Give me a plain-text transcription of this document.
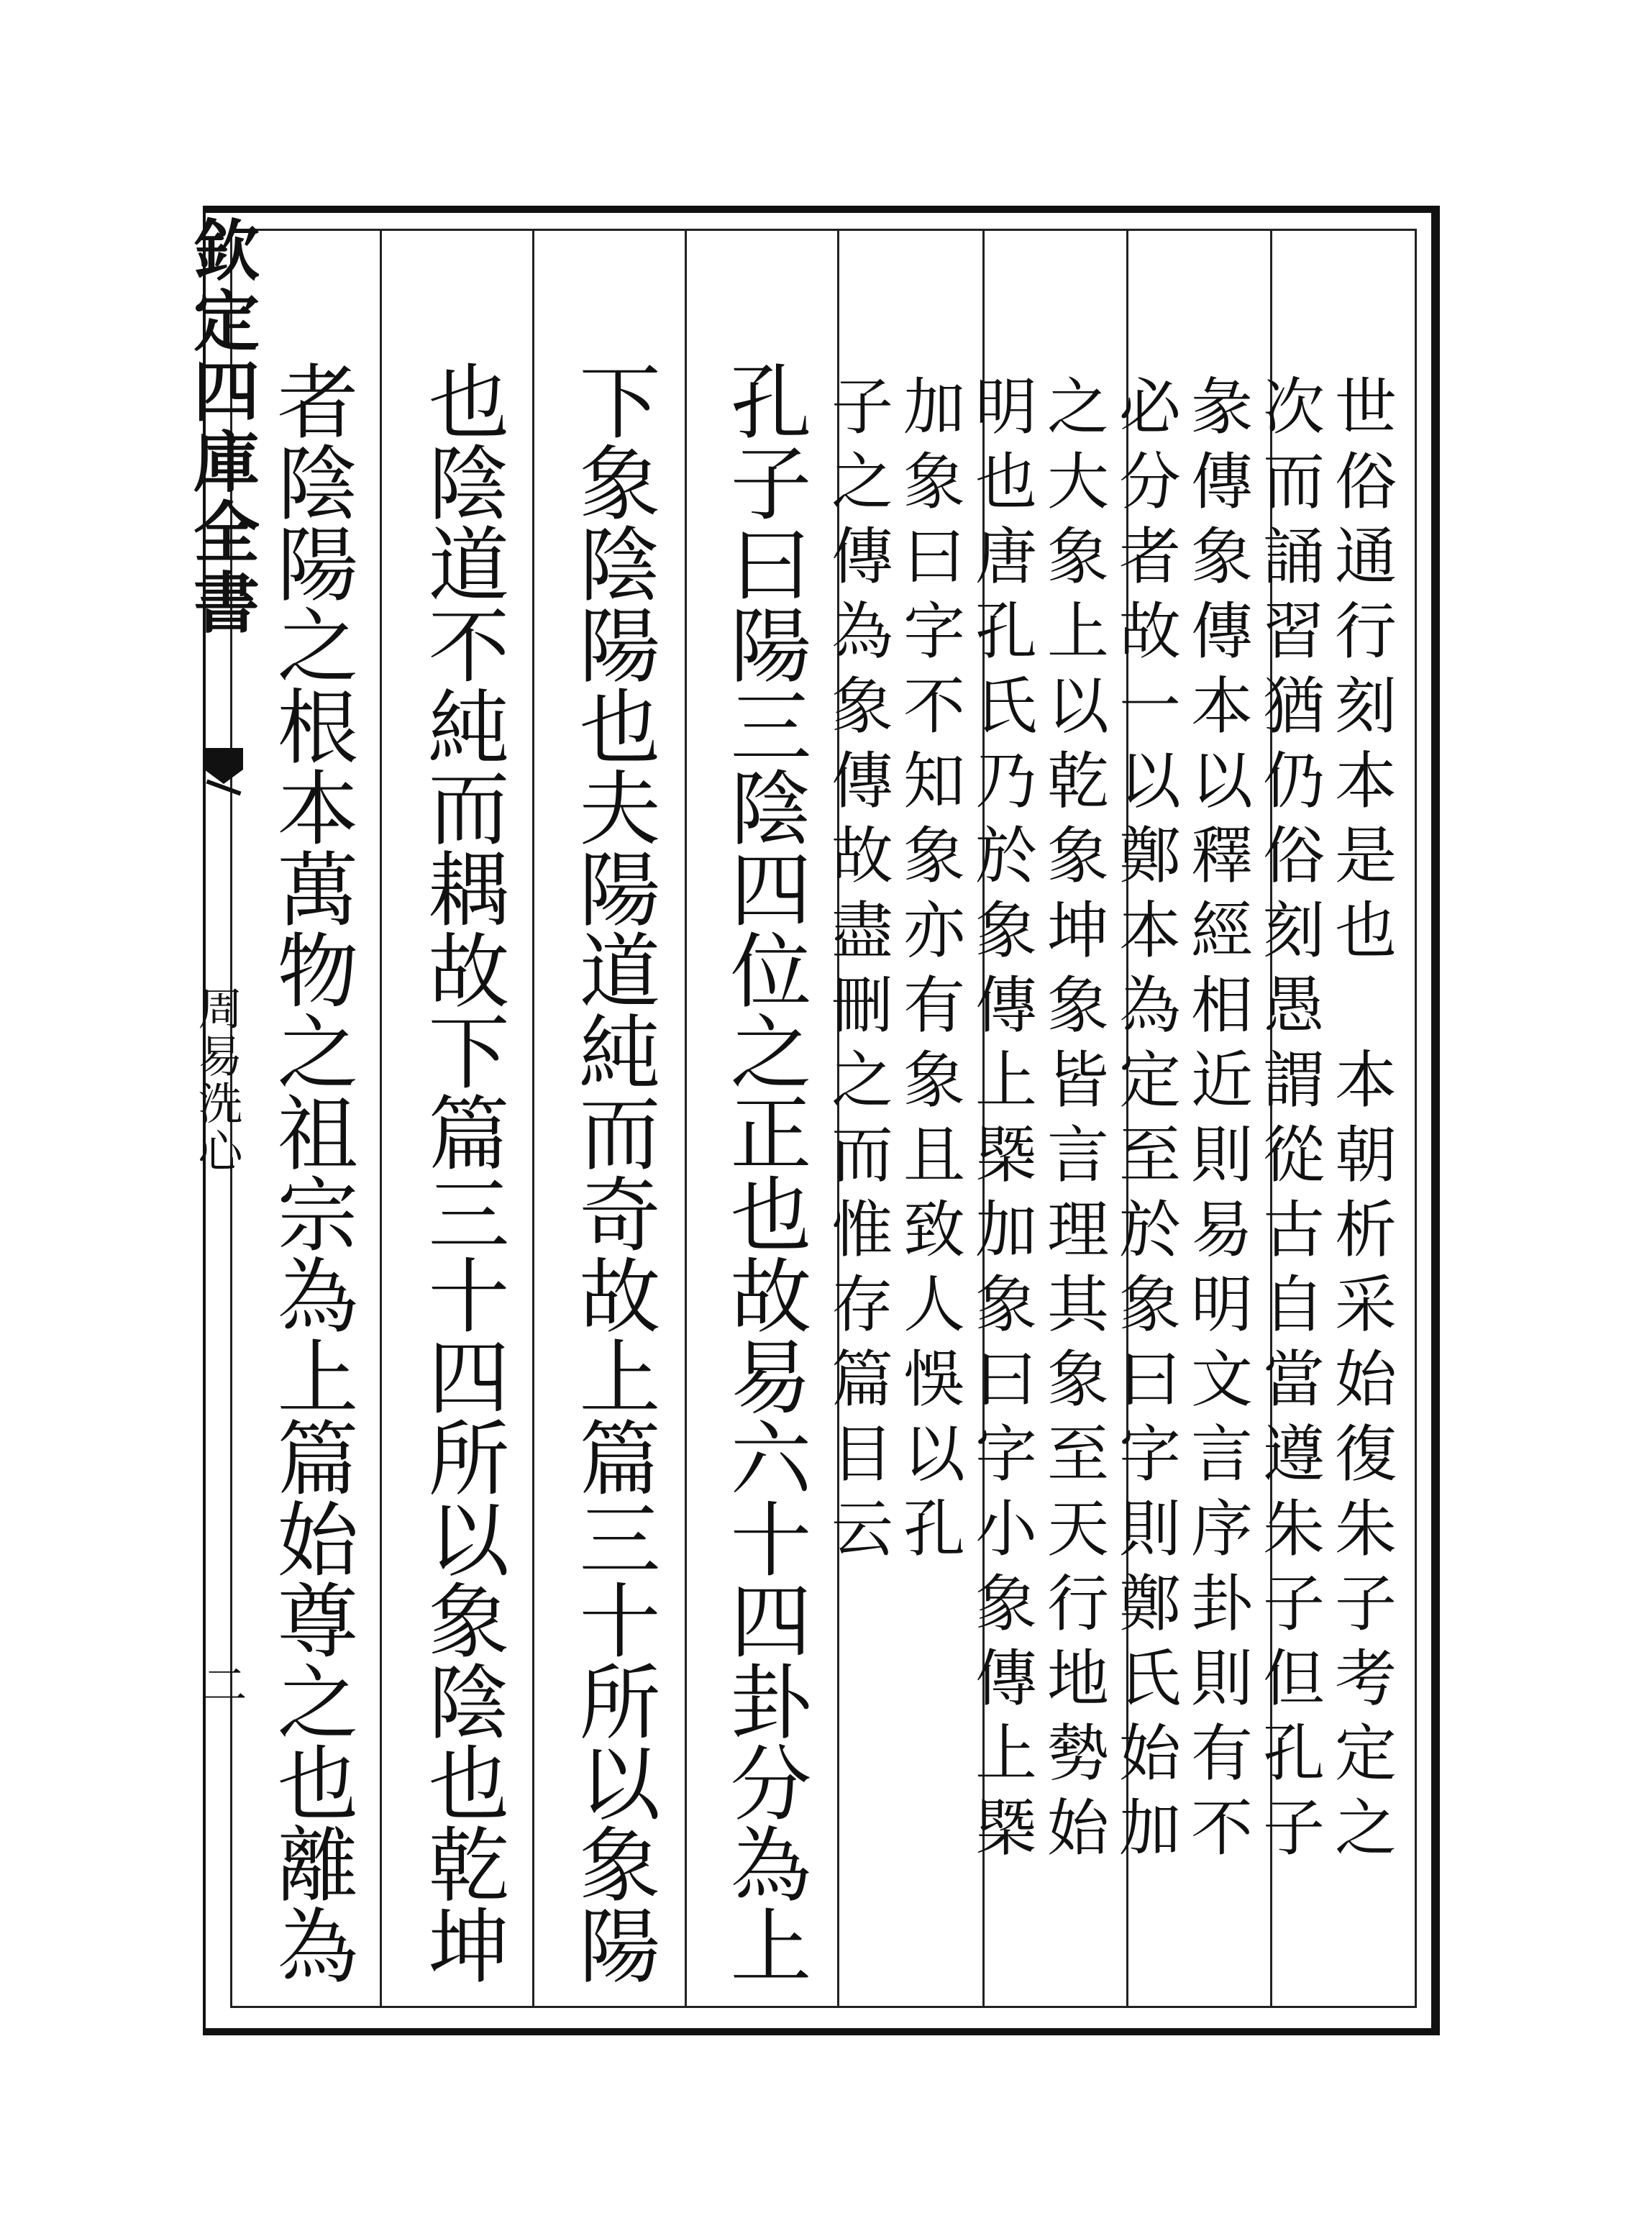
欽定四庫全書
周易洗心
二	世俗通行刻本是也　本朝析采始復朱子考定之
次而誦習猶仍俗刻愚謂從古自當遵朱子但孔子
彖傳象傳本以釋經相近則易明文言序卦則有不
必分者故一以鄭本為定至於象曰字則鄭氏始加
之大象上以乾象坤象皆言理其象至天行地勢始
明也唐孔氏乃於象傳上槩加象曰字小象傳上槩
加象曰字不知象亦有象且致人悞以孔
子之傳為象傳故盡刪之而惟存篇目云
孔子曰陽三陰四位之正也故易六十四卦分為上
下象陰陽也夫陽道純而奇故上篇三十所以象陽
也陰道不純而耦故下篇三十四所以象陰也乾坤
者陰陽之根本萬物之祖宗為上篇始尊之也離為
